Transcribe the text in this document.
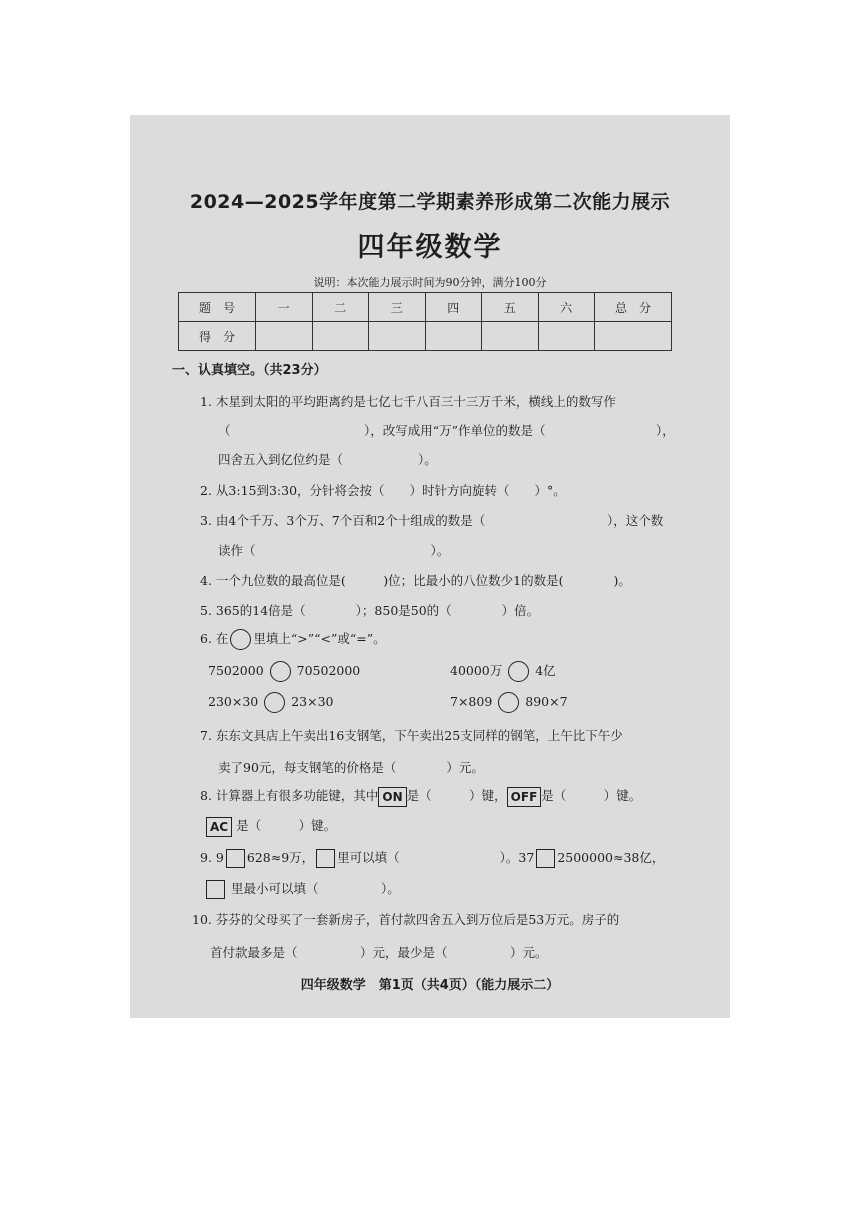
2024—2025学年度第二学期素养形成第二次能力展示
四年级数学
说明：本次能力展示时间为90分钟，满分100分
题　号	一	二	三	四	五	六	总　分
得　分							
一、认真填空。（共23分）
1. 木星到太阳的平均距离约是七亿七千八百三十三万千米，横线上的数写作
（	），改写成用“万”作单位的数是（	），
四舍五入到亿位约是（　　　　　　）。
2. 从3:15到3:30，分针将会按（　　）时针方向旋转（　　）°。
3. 由4个千万、3个万、7个百和2个十组成的数是（	），这个数
读作（　　　　　　　　　　　　　　）。
4. 一个九位数的最高位是(　　　)位；比最小的八位数少1的数是(　　　　)。
5. 365的14倍是（　　　　）；850是50的（　　　　）倍。
6. 在 里填上“>”“<”或“=”。
7502000	70502000	40000万	4亿
230×30	23×30	7×809	890×7
7. 东东文具店上午卖出16支钢笔，下午卖出25支同样的钢笔，上午比下午少
卖了90元，每支钢笔的价格是（　　　　）元。
8. 计算器上有很多功能键，其中 ON 是（　　　）键， OFF 是（　　　）键。
AC 是（　　　）键。
9. 9 628≈9万， 里可以填（　　　　　　　　）。37 2500000≈38亿，
里最小可以填（　　　　　）。
10. 芬芬的父母买了一套新房子，首付款四舍五入到万位后是53万元。房子的
首付款最多是（　　　　　）元，最少是（　　　　　）元。
四年级数学　第1页（共4页）（能力展示二）
